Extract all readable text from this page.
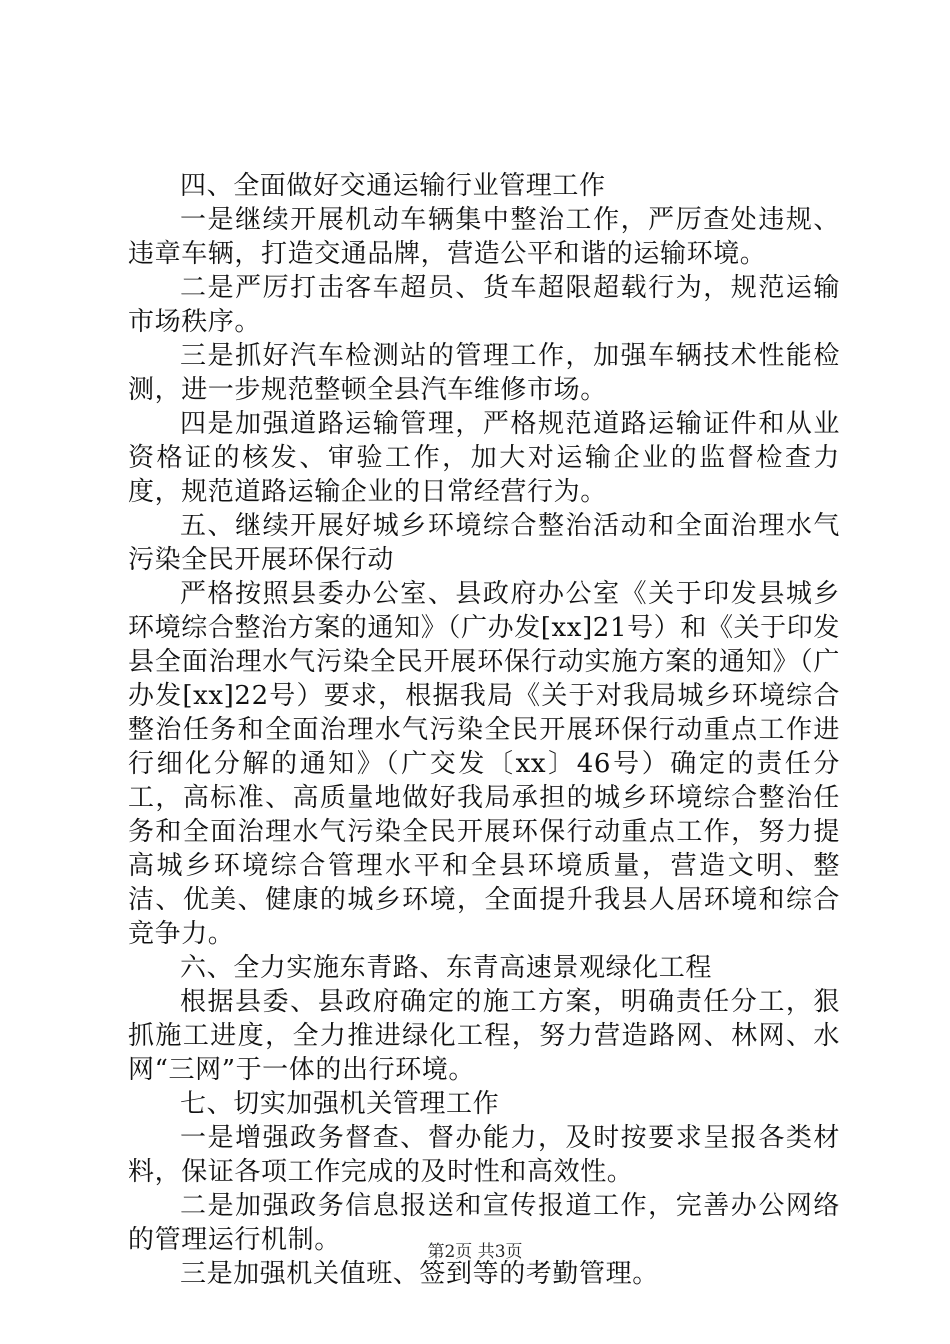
四、全面做好交通运输行业管理工作

一是继续开展机动车辆集中整治工作，严厉查处违规、违章车辆，打造交通品牌，营造公平和谐的运输环境。

二是严厉打击客车超员、货车超限超载行为，规范运输市场秩序。

三是抓好汽车检测站的管理工作，加强车辆技术性能检测，进一步规范整顿全县汽车维修市场。

四是加强道路运输管理，严格规范道路运输证件和从业资格证的核发、审验工作，加大对运输企业的监督检查力度，规范道路运输企业的日常经营行为。

五、继续开展好城乡环境综合整治活动和全面治理水气污染全民开展环保行动

严格按照县委办公室、县政府办公室《关于印发县城乡环境综合整治方案的通知》（广办发[xx]21号）和《关于印发县全面治理水气污染全民开展环保行动实施方案的通知》（广办发[xx]22号）要求，根据我局《关于对我局城乡环境综合整治任务和全面治理水气污染全民开展环保行动重点工作进行细化分解的通知》（广交发〔xx〕46号）确定的责任分工，高标准、高质量地做好我局承担的城乡环境综合整治任务和全面治理水气污染全民开展环保行动重点工作，努力提高城乡环境综合管理水平和全县环境质量，营造文明、整洁、优美、健康的城乡环境，全面提升我县人居环境和综合竞争力。

六、全力实施东青路、东青高速景观绿化工程

根据县委、县政府确定的施工方案，明确责任分工，狠抓施工进度，全力推进绿化工程，努力营造路网、林网、水网“三网”于一体的出行环境。

七、切实加强机关管理工作

一是增强政务督查、督办能力，及时按要求呈报各类材料，保证各项工作完成的及时性和高效性。

二是加强政务信息报送和宣传报道工作，完善办公网络的管理运行机制。

三是加强机关值班、签到等的考勤管理。

第2页 共3页
